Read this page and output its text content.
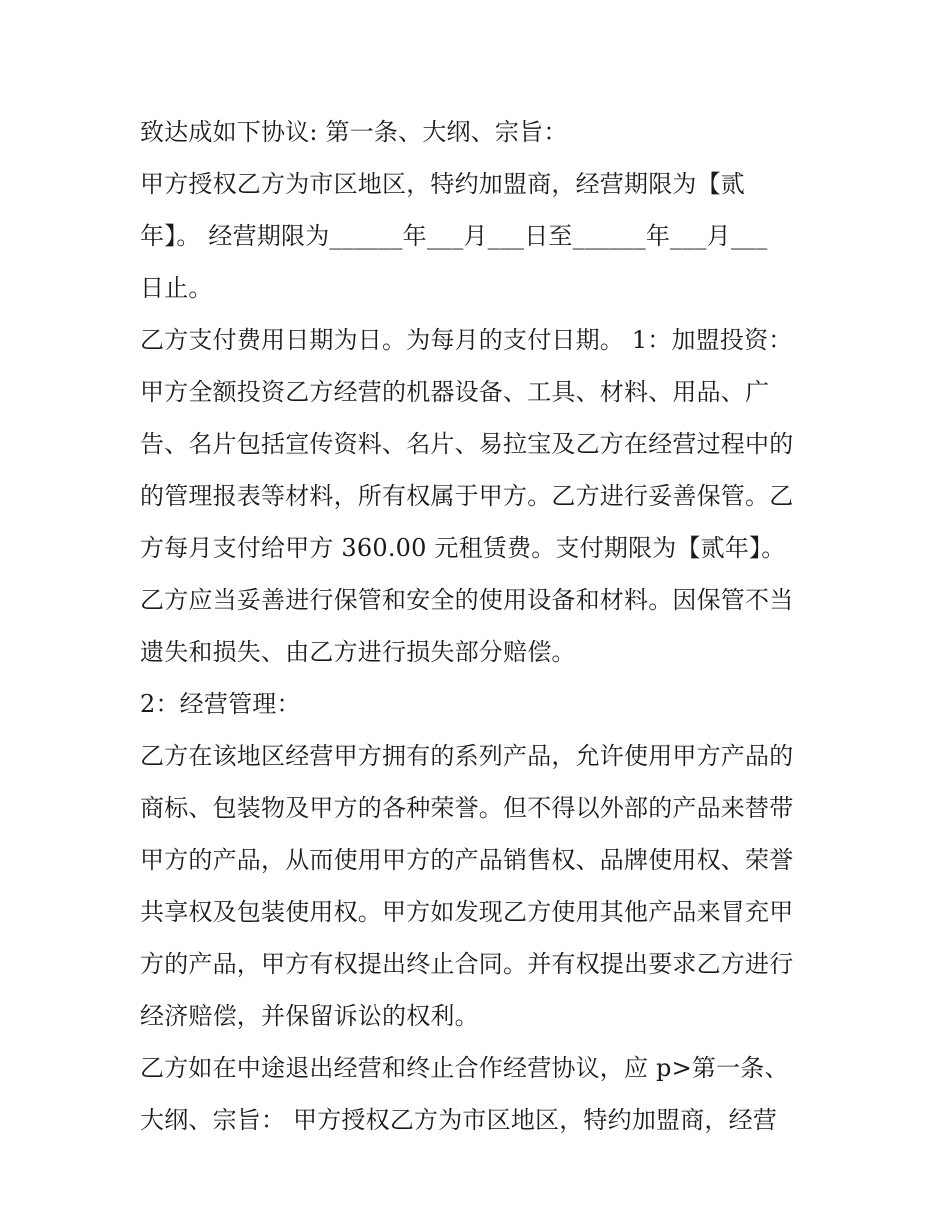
致达成如下协议: 第一条、大纲、宗旨：
甲方授权乙方为市区地区，特约加盟商，经营期限为【贰
年】。 经营期限为______年___月___日至______年___月___
日止。
乙方支付费用日期为日。为每月的支付日期。 1：加盟投资：
甲方全额投资乙方经营的机器设备、工具、材料、用品、广
告、名片包括宣传资料、名片、易拉宝及乙方在经营过程中的
的管理报表等材料，所有权属于甲方。乙方进行妥善保管。乙
方每月支付给甲方 360.00 元租赁费。支付期限为【贰年】。
乙方应当妥善进行保管和安全的使用设备和材料。因保管不当
遗失和损失、由乙方进行损失部分赔偿。
2：经营管理：
乙方在该地区经营甲方拥有的系列产品，允许使用甲方产品的
商标、包装物及甲方的各种荣誉。但不得以外部的产品来替带
甲方的产品，从而使用甲方的产品销售权、品牌使用权、荣誉
共享权及包装使用权。甲方如发现乙方使用其他产品来冒充甲
方的产品，甲方有权提出终止合同。并有权提出要求乙方进行
经济赔偿，并保留诉讼的权利。
乙方如在中途退出经营和终止合作经营协议，应 p>第一条、
大纲、宗旨： 甲方授权乙方为市区地区，特约加盟商，经营
